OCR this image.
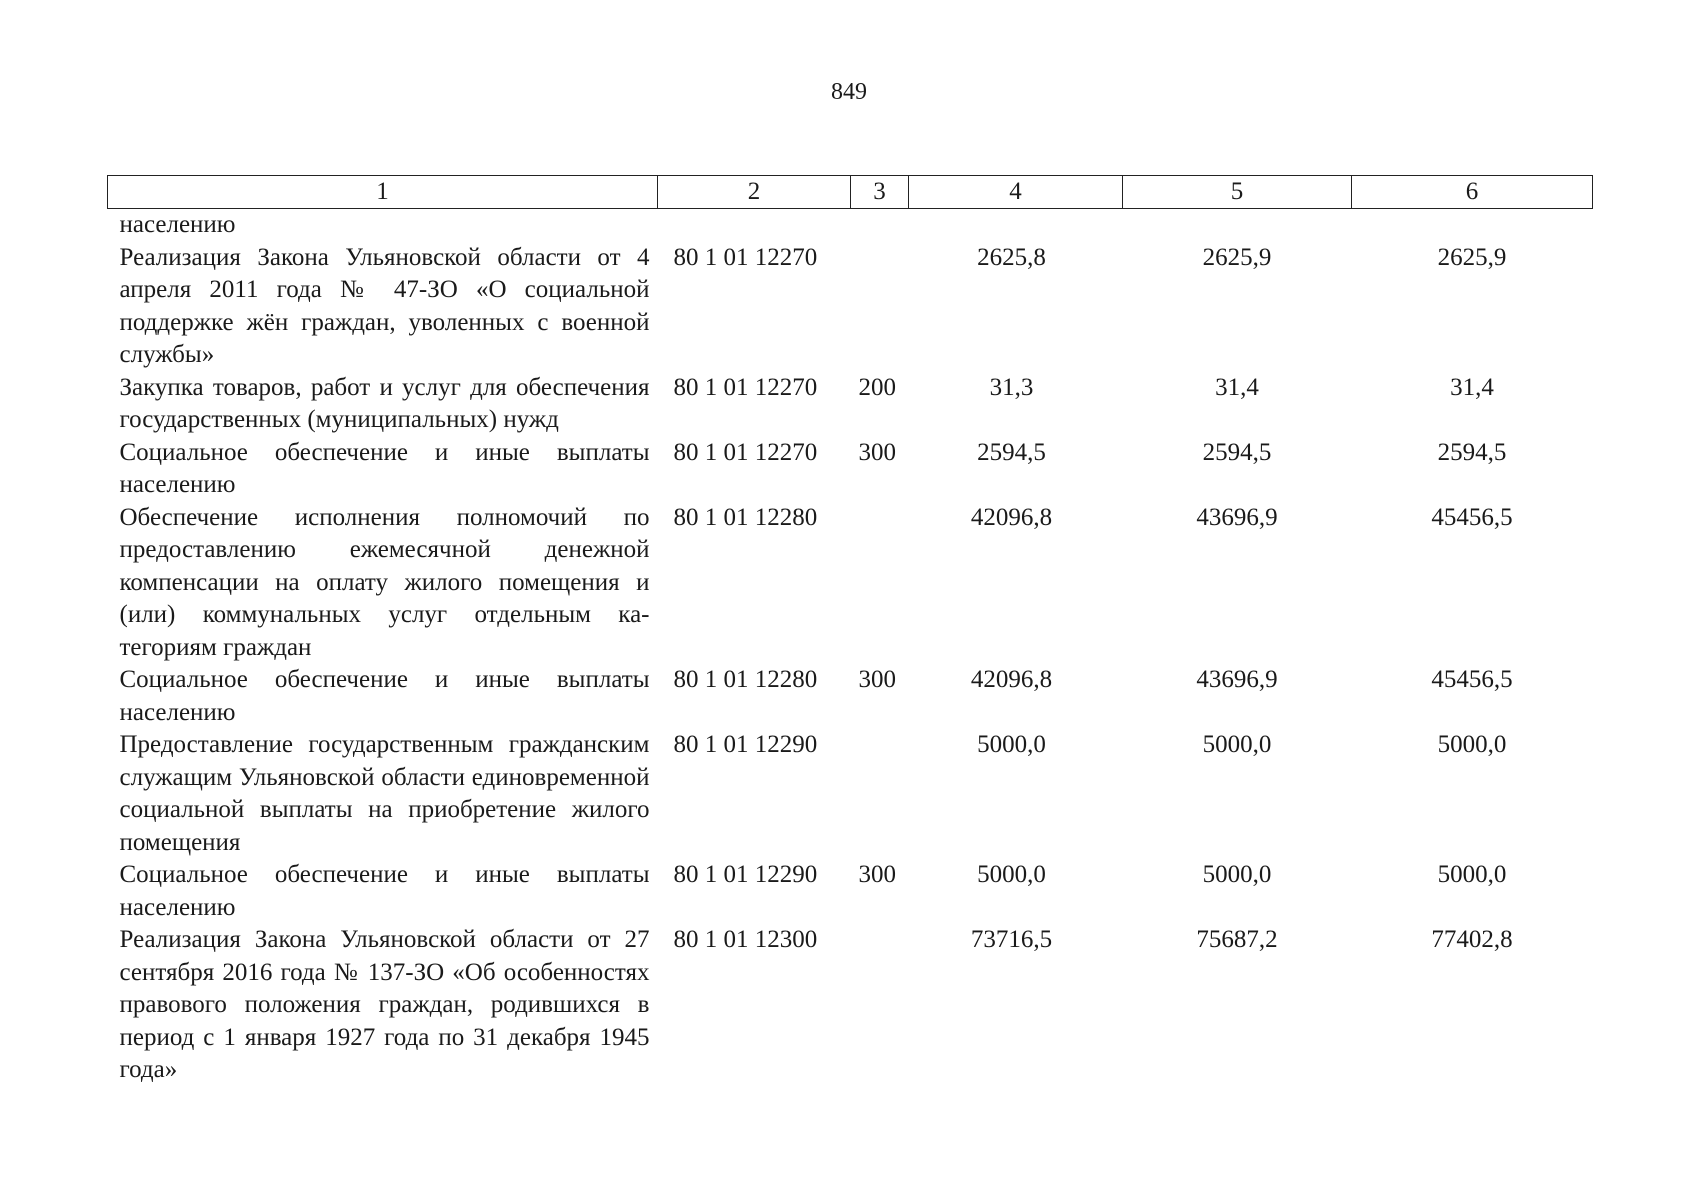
849
1	2	3	4	5	6
населению					
Реализация Закона Ульяновской области от 4 апреля 2011 года № 47-ЗО «О социальной поддержке жён граждан, уволенных с военной службы»	80 1 01 12270		2625,8	2625,9	2625,9
Закупка товаров, работ и услуг для обеспечения государственных (муниципальных) нужд	80 1 01 12270	200	31,3	31,4	31,4
Социальное обеспечение и иные выплаты населению	80 1 01 12270	300	2594,5	2594,5	2594,5
Обеспечение исполнения полномочий по предоставлению ежемесячной денежной компенсации на оплату жилого помещения и (или) коммунальных услуг отдельным категориям граждан	80 1 01 12280		42096,8	43696,9	45456,5
Социальное обеспечение и иные выплаты населению	80 1 01 12280	300	42096,8	43696,9	45456,5
Предоставление государственным гражданским служащим Ульяновской области единовременной социальной выплаты на приобретение жилого помещения	80 1 01 12290		5000,0	5000,0	5000,0
Социальное обеспечение и иные выплаты населению	80 1 01 12290	300	5000,0	5000,0	5000,0
Реализация Закона Ульяновской области от 27 сентября 2016 года № 137-ЗО «Об особенностях правового положения граждан, родившихся в период с 1 января 1927 года по 31 декабря 1945 года»	80 1 01 12300		73716,5	75687,2	77402,8
